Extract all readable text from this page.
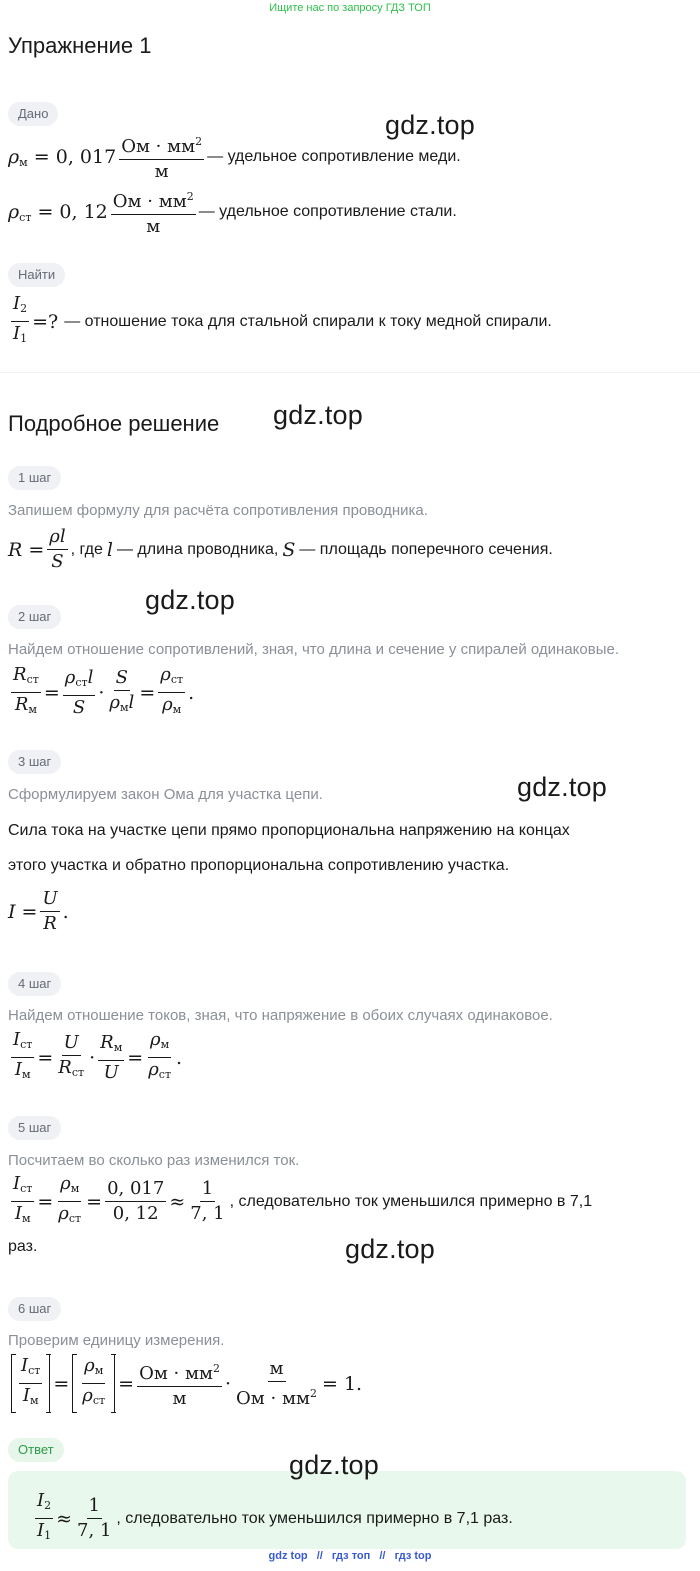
Ищите нас по запросу ГДЗ ТОП
Упражнение 1
Дано	gdz.top
$\rho_м = 0$, $017 \frac{Ом \cdot мм^2}{м}$ — удельное сопротивление меди.
$\rho_{ст} = 0$, $12 \frac{Ом \cdot мм^2}{м}$ — удельное сопротивление стали.
Найти
$\frac{I_2}{I_1}$ =? — отношение тока для стальной спирали к току медной спирали.
Подробное решение gdz.top
1 шаг
Запишем формулу для расчёта сопротивления проводника.
$R = \frac{\rho l}{S}$ , где l — длина проводника, S — площадь поперечного сечения.
gdz.top
2 шаг
Найдем отношение сопротивлений, зная, что длина и сечение у спиралей одинаковые.
$\frac{R_{ст}}{R_м} = \frac{\rho_{ст}l}{S} \cdot \frac{S}{\rho_мl} = \frac{\rho_{ст}}{\rho_м}$ .
3 шаг
gdz.top
Сформулируем закон Ома для участка цепи.
Сила тока на участке цепи прямо пропорциональна напряжению на концах
этого участка и обратно пропорциональна сопротивлению участка.
$I = \frac{U}{R}$ .
4 шаг
Найдем отношение токов, зная, что напряжение в обоих случаях одинаковое.
$\frac{I_{ст}}{I_м} = \frac{U}{R_{ст}} \cdot \frac{R_м}{U} = \frac{\rho_м}{\rho_{ст}}$ .
5 шаг
Посчитаем во сколько раз изменился ток.
$\frac{I_{ст}}{I_м} = \frac{\rho_м}{\rho_{ст}} = \frac{0, 017}{0, 12} \approx \frac{1}{7, 1}$ , следовательно ток уменьшился примерно в 7,1
раз.	gdz.top
6 шаг
Проверим единицу измерения.
$\frac{I_{ст}}{I_м} = \frac{\rho_м}{\rho_{ст}} = \frac{Ом \cdot мм^2}{м} \cdot \frac{м}{Ом \cdot мм^2} = 1$.
Ответ
gdz.top
$\frac{I_2}{I_1} \approx \frac{1}{7, 1}$ , следовательно ток уменьшился примерно в 7,1 раз.
gdz top // гдз топ // гдз top
